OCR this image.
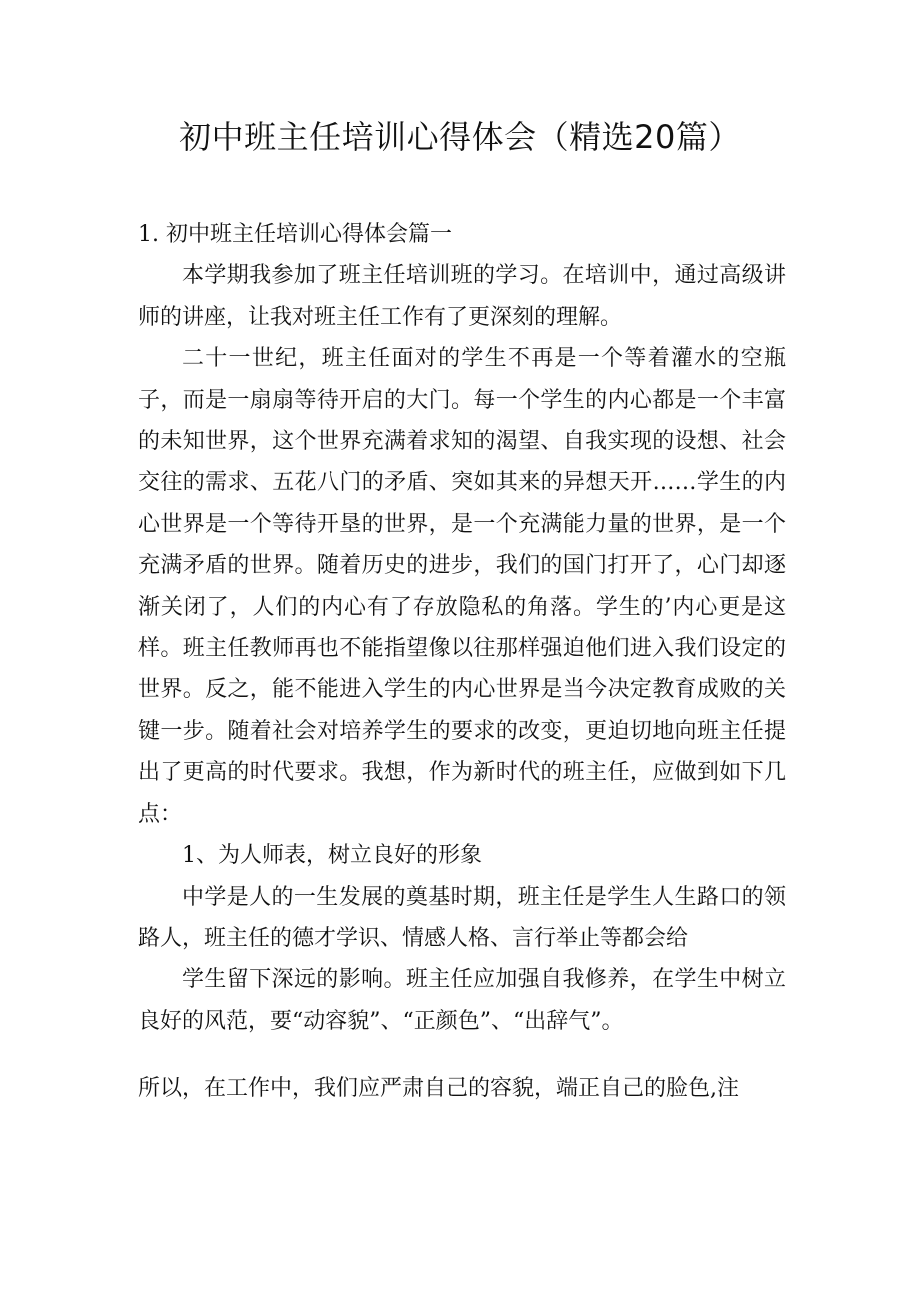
初中班主任培训心得体会（精选20篇）
1. 初中班主任培训心得体会篇一

本学期我参加了班主任培训班的学习。在培训中，通过高级讲师的讲座，让我对班主任工作有了更深刻的理解。

二十一世纪，班主任面对的学生不再是一个等着灌水的空瓶子，而是一扇扇等待开启的大门。每一个学生的内心都是一个丰富的未知世界，这个世界充满着求知的渴望、自我实现的设想、社会交往的需求、五花八门的矛盾、突如其来的异想天开……学生的内心世界是一个等待开垦的世界，是一个充满能力量的世界，是一个充满矛盾的世界。随着历史的进步，我们的国门打开了，心门却逐渐关闭了，人们的内心有了存放隐私的角落。学生的’内心更是这样。班主任教师再也不能指望像以往那样强迫他们进入我们设定的世界。反之，能不能进入学生的内心世界是当今决定教育成败的关键一步。随着社会对培养学生的要求的改变，更迫切地向班主任提出了更高的时代要求。我想，作为新时代的班主任，应做到如下几点：

1、为人师表，树立良好的形象

中学是人的一生发展的奠基时期，班主任是学生人生路口的领路人，班主任的德才学识、情感人格、言行举止等都会给

学生留下深远的影响。班主任应加强自我修养，在学生中树立良好的风范，要“动容貌”、“正颜色”、“出辞气”。

所以，在工作中，我们应严肃自己的容貌，端正自己的脸色,注
